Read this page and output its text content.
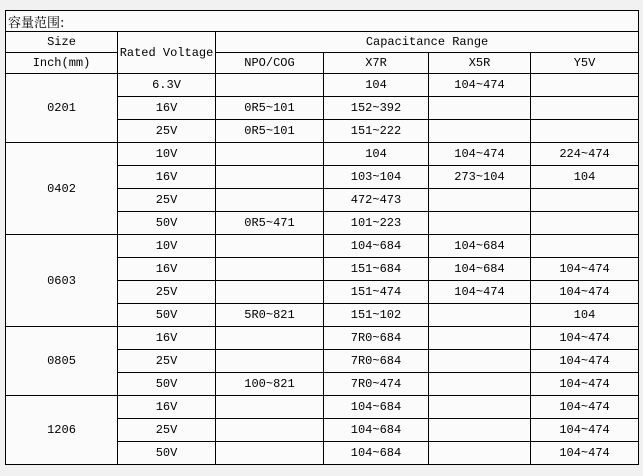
容量范围:					
Size	Rated Voltage	Capacitance Range			
Inch(mm)		NPO/COG	X7R	X5R	Y5V
0201	6.3V		104	104~474	
	16V	0R5~101	152~392		
	25V	0R5~101	151~222		
0402	10V		104	104~474	224~474
	16V		103~104	273~104	104
	25V		472~473		
	50V	0R5~471	101~223		
0603	10V		104~684	104~684	
	16V		151~684	104~684	104~474
	25V		151~474	104~474	104~474
	50V	5R0~821	151~102		104
0805	16V		7R0~684		104~474
	25V		7R0~684		104~474
	50V	100~821	7R0~474		104~474
1206	16V		104~684		104~474
	25V		104~684		104~474
	50V		104~684		104~474
